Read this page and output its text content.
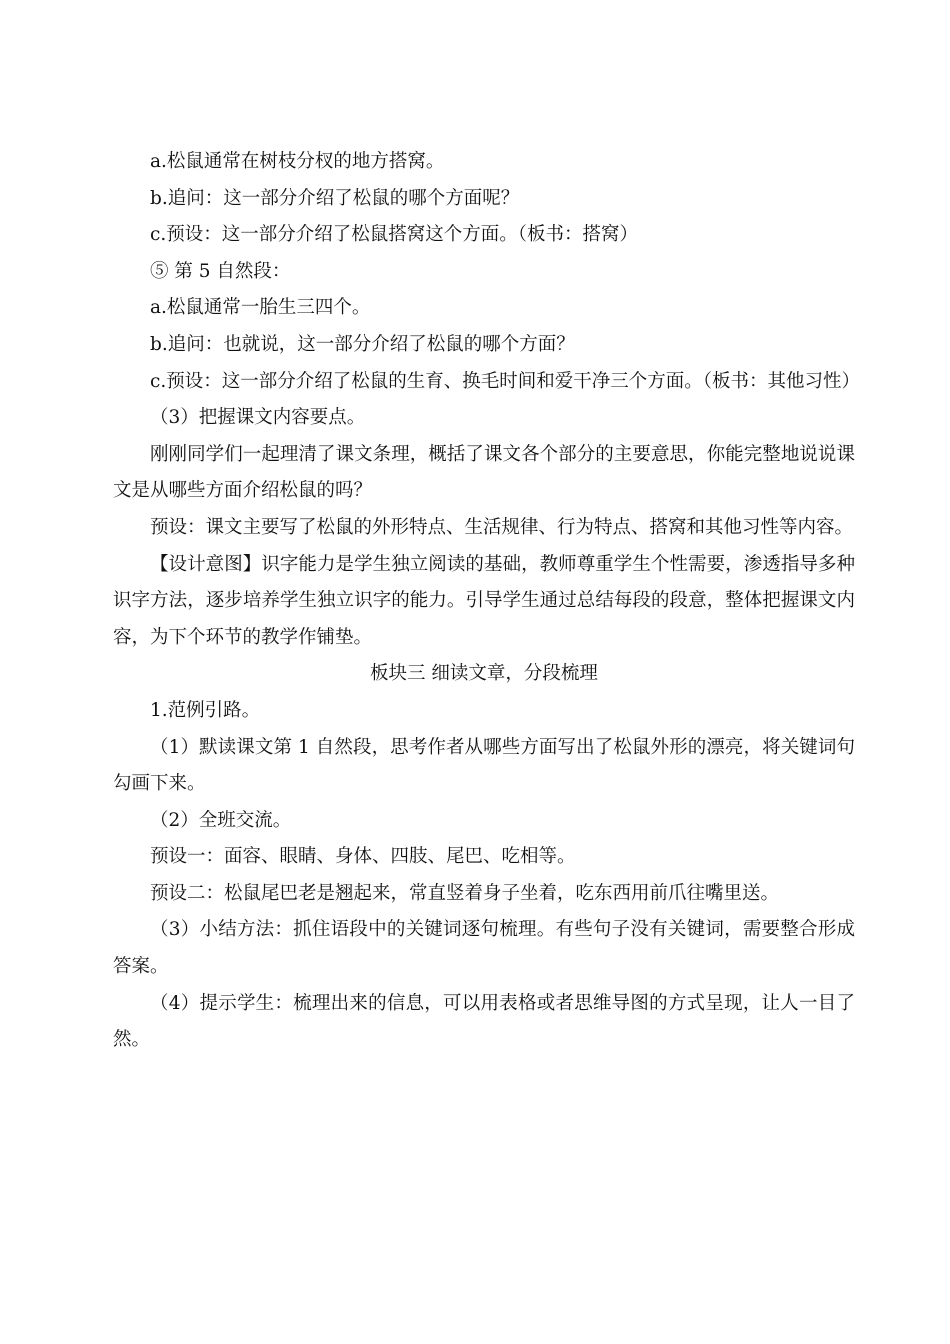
a.松鼠通常在树枝分杈的地方搭窝。

b.追问：这一部分介绍了松鼠的哪个方面呢？

c.预设：这一部分介绍了松鼠搭窝这个方面。（板书：搭窝）

⑤ 第 5 自然段：

a.松鼠通常一胎生三四个。

b.追问：也就说，这一部分介绍了松鼠的哪个方面？

c.预设：这一部分介绍了松鼠的生育、换毛时间和爱干净三个方面。（板书：其他习性）

（3）把握课文内容要点。

刚刚同学们一起理清了课文条理，概括了课文各个部分的主要意思，你能完整地说说课文是从哪些方面介绍松鼠的吗？

预设：课文主要写了松鼠的外形特点、生活规律、行为特点、搭窝和其他习性等内容。

【设计意图】识字能力是学生独立阅读的基础，教师尊重学生个性需要，渗透指导多种识字方法，逐步培养学生独立识字的能力。引导学生通过总结每段的段意，整体把握课文内容，为下个环节的教学作铺垫。

板块三 细读文章，分段梳理

1.范例引路。

（1）默读课文第 1 自然段，思考作者从哪些方面写出了松鼠外形的漂亮，将关键词句勾画下来。

（2）全班交流。

预设一：面容、眼睛、身体、四肢、尾巴、吃相等。

预设二：松鼠尾巴老是翘起来，常直竖着身子坐着，吃东西用前爪往嘴里送。

（3）小结方法：抓住语段中的关键词逐句梳理。有些句子没有关键词，需要整合形成答案。

（4）提示学生：梳理出来的信息，可以用表格或者思维导图的方式呈现，让人一目了然。
